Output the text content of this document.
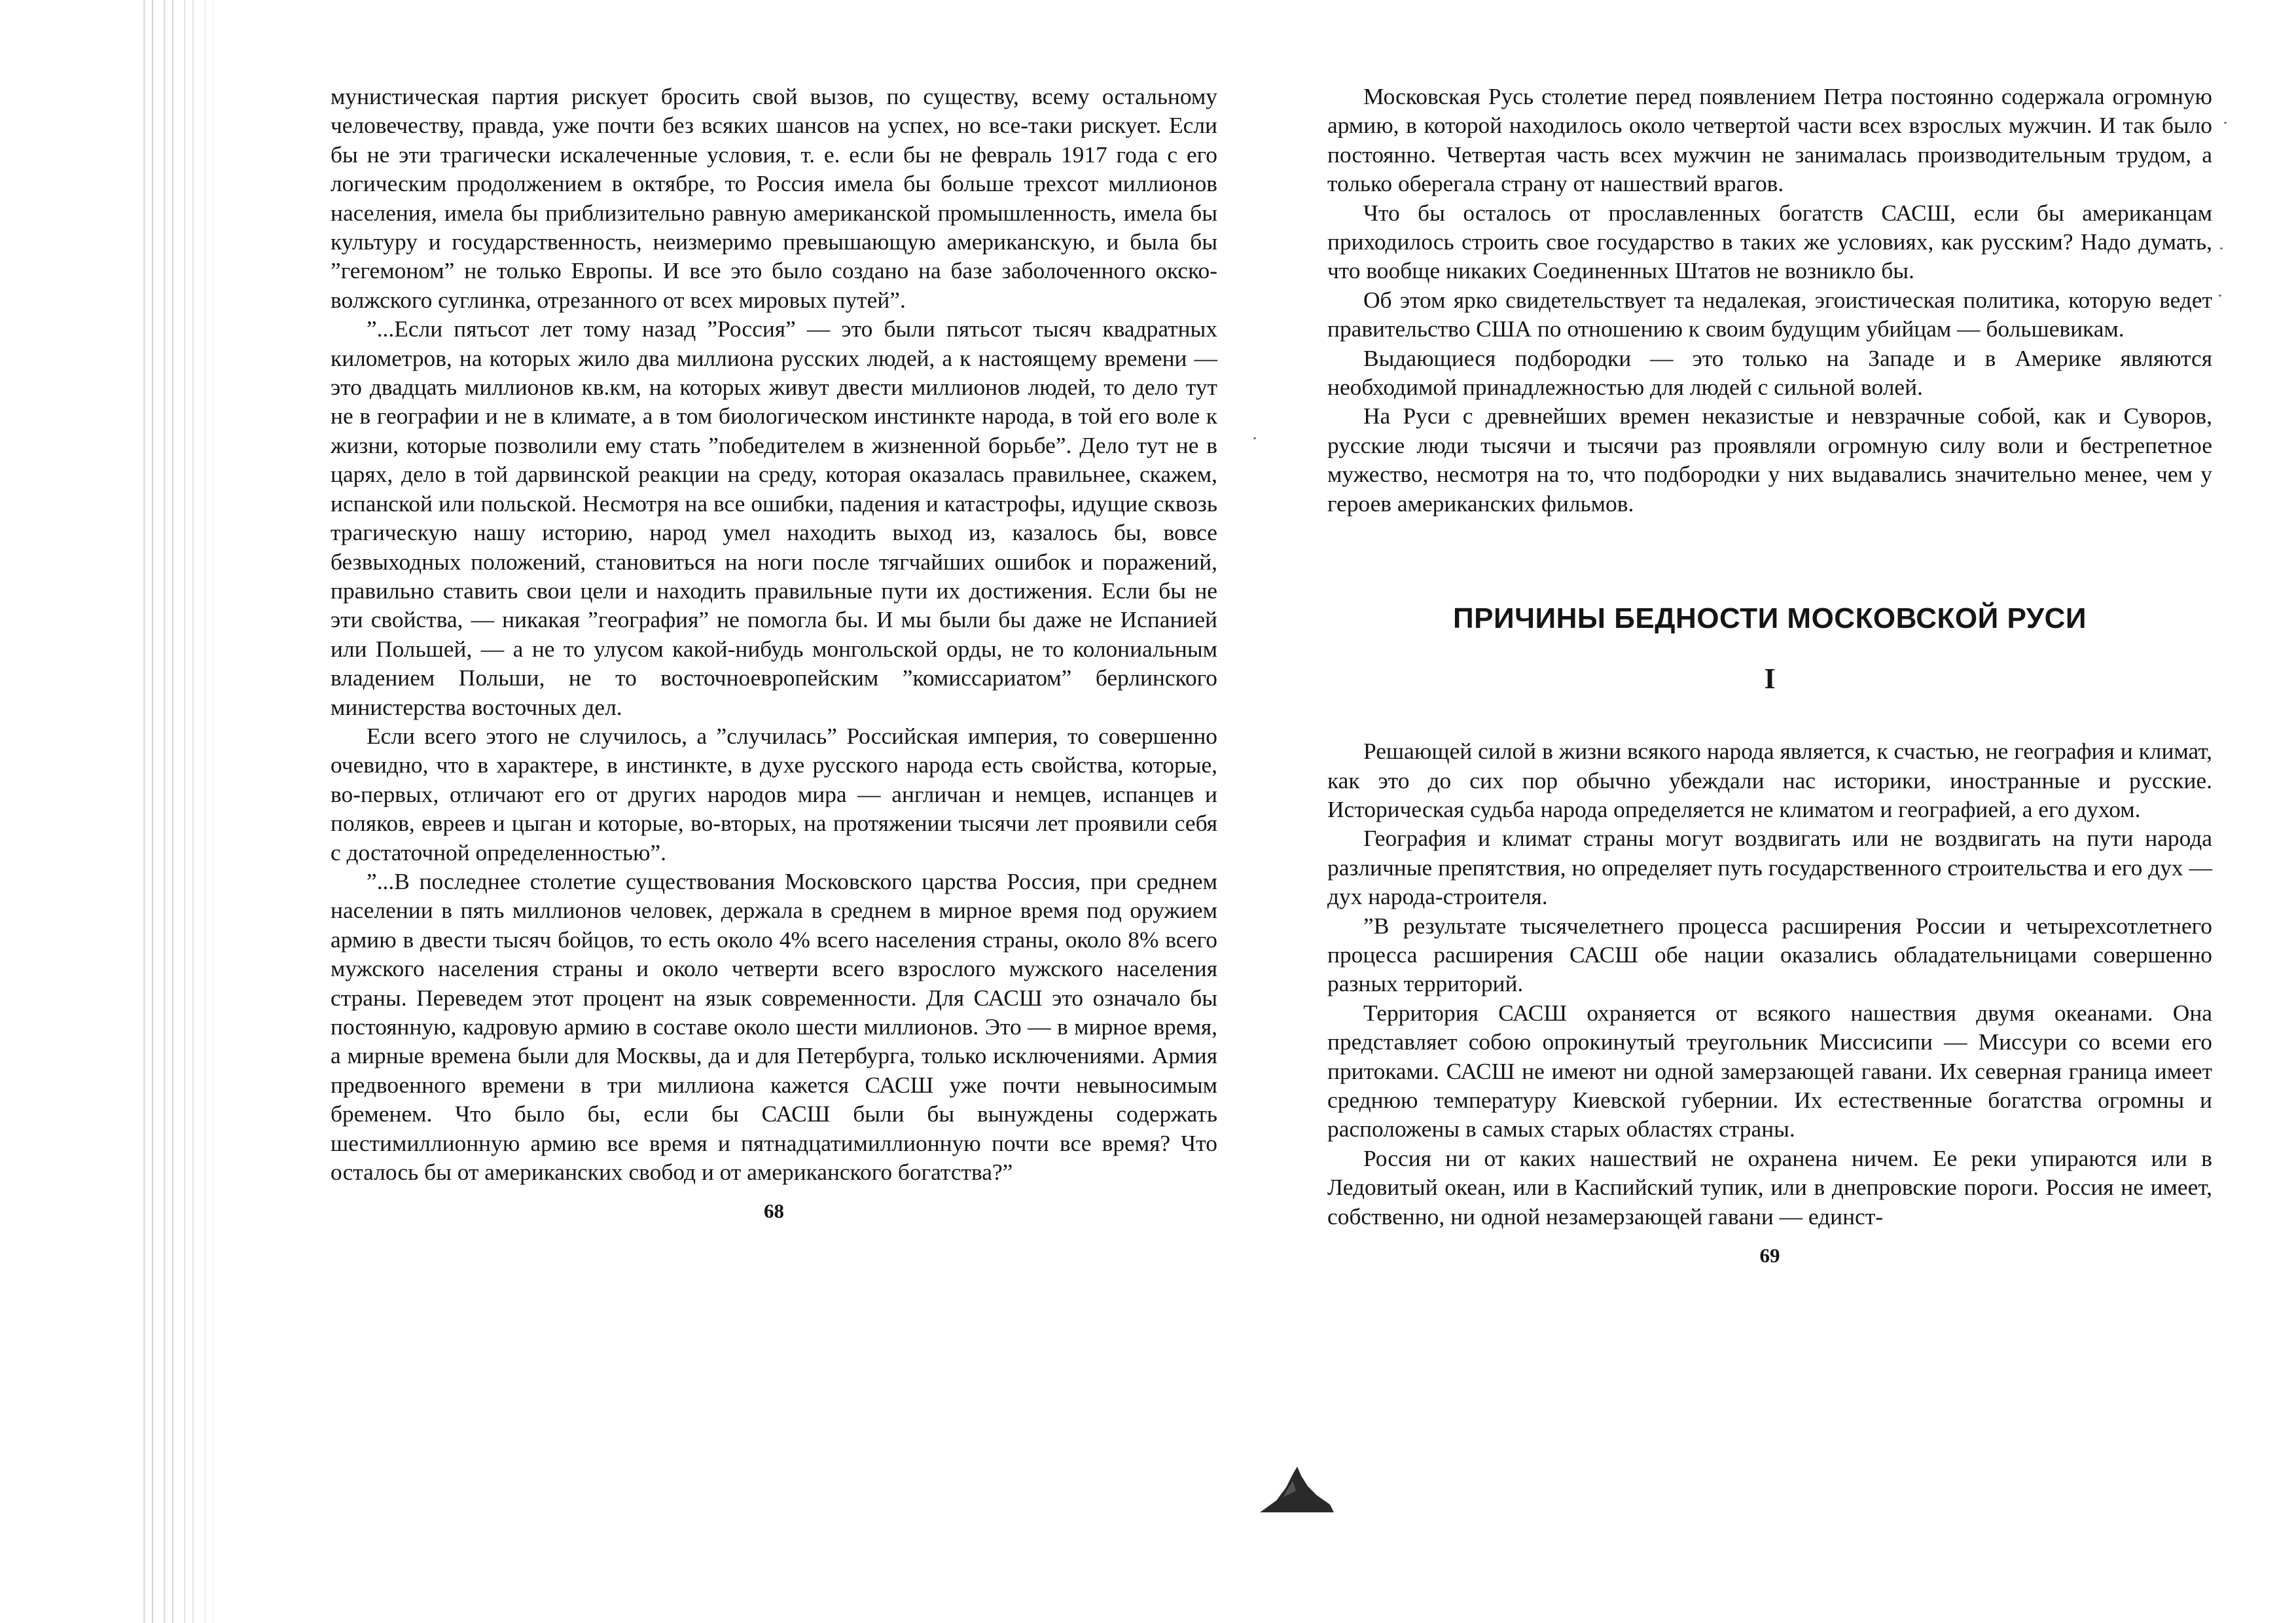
мунистическая партия рискует бросить свой вызов, по существу, всему остальному человечеству, правда, уже почти без всяких шансов на успех, но все-таки рискует. Если бы не эти трагически искалеченные условия, т. е. если бы не февраль 1917 года с его логическим продолжением в октябре, то Россия имела бы больше трехсот миллионов населения, имела бы приблизительно равную американской промышленность, имела бы культуру и государственность, неизмеримо превышающую американскую, и была бы ”гегемоном” не только Европы. И все это было создано на базе заболоченного окско-волжского суглинка, отрезанного от всех мировых путей”.

”...Если пятьсот лет тому назад ”Россия” — это были пятьсот тысяч квадратных километров, на которых жило два миллиона русских людей, а к настоящему времени — это двадцать миллионов кв.км, на которых живут двести миллионов людей, то дело тут не в географии и не в климате, а в том биологическом инстинкте народа, в той его воле к жизни, которые позволили ему стать ”победителем в жизненной борьбе”. Дело тут не в царях, дело в той дарвинской реакции на среду, которая оказалась правильнее, скажем, испанской или польской. Несмотря на все ошибки, падения и катастрофы, идущие сквозь трагическую нашу историю, народ умел находить выход из, казалось бы, вовсе безвыходных положений, становиться на ноги после тягчайших ошибок и поражений, правильно ставить свои цели и находить правильные пути их достижения. Если бы не эти свойства, — никакая ”география” не помогла бы. И мы были бы даже не Испанией или Польшей, — а не то улусом какой-нибудь монгольской орды, не то колониальным владением Польши, не то восточноевропейским ”комиссариатом” берлинского министерства восточных дел.

Если всего этого не случилось, а ”случилась” Российская империя, то совершенно очевидно, что в характере, в инстинкте, в духе русского народа есть свойства, которые, во-первых, отличают его от других народов мира — англичан и немцев, испанцев и поляков, евреев и цыган и которые, во-вторых, на протяжении тысячи лет проявили себя с достаточной определенностью”.

”...В последнее столетие существования Московского царства Россия, при среднем населении в пять миллионов человек, держала в среднем в мирное время под оружием армию в двести тысяч бойцов, то есть около 4% всего населения страны, около 8% всего мужского населения страны и около четверти всего взрослого мужского населения страны. Переведем этот процент на язык современности. Для САСШ это означало бы постоянную, кадровую армию в составе около шести миллионов. Это — в мирное время, а мирные времена были для Москвы, да и для Петербурга, только исключениями. Армия предвоенного времени в три миллиона кажется САСШ уже почти невыносимым бременем. Что было бы, если бы САСШ были бы вынуждены содержать шестимиллионную армию все время и пятнадцатимиллионную почти все время? Что осталось бы от американских свобод и от американского богатства?”

68

Московская Русь столетие перед появлением Петра постоянно содержала огромную армию, в которой находилось около четвертой части всех взрослых мужчин. И так было постоянно. Четвертая часть всех мужчин не занималась производительным трудом, а только оберегала страну от нашествий врагов.

Что бы осталось от прославленных богатств САСШ, если бы американцам приходилось строить свое государство в таких же условиях, как русским? Надо думать, что вообще никаких Соединенных Штатов не возникло бы.

Об этом ярко свидетельствует та недалекая, эгоистическая политика, которую ведет правительство США по отношению к своим будущим убийцам — большевикам.

Выдающиеся подбородки — это только на Западе и в Америке являются необходимой принадлежностью для людей с сильной волей.

На Руси с древнейших времен неказистые и невзрачные собой, как и Суворов, русские люди тысячи и тысячи раз проявляли огромную силу воли и бестрепетное мужество, несмотря на то, что подбородки у них выдавались значительно менее, чем у героев американских фильмов.

ПРИЧИНЫ БЕДНОСТИ МОСКОВСКОЙ РУСИ
I

Решающей силой в жизни всякого народа является, к счастью, не география и климат, как это до сих пор обычно убеждали нас историки, иностранные и русские. Историческая судьба народа определяется не климатом и географией, а его духом.

География и климат страны могут воздвигать или не воздвигать на пути народа различные препятствия, но определяет путь государственного строительства и его дух — дух народа-строителя.

”В результате тысячелетнего процесса расширения России и четырехсотлетнего процесса расширения САСШ обе нации оказались обладательницами совершенно разных территорий.

Территория САСШ охраняется от всякого нашествия двумя океанами. Она представляет собою опрокинутый треугольник Миссисипи — Миссури со всеми его притоками. САСШ не имеют ни одной замерзающей гавани. Их северная граница имеет среднюю температуру Киевской губернии. Их естественные богатства огромны и расположены в самых старых областях страны.

Россия ни от каких нашествий не охранена ничем. Ее реки упираются или в Ледовитый океан, или в Каспийский тупик, или в днепровские пороги. Россия не имеет, собственно, ни одной незамерзающей гавани — единст-

69
